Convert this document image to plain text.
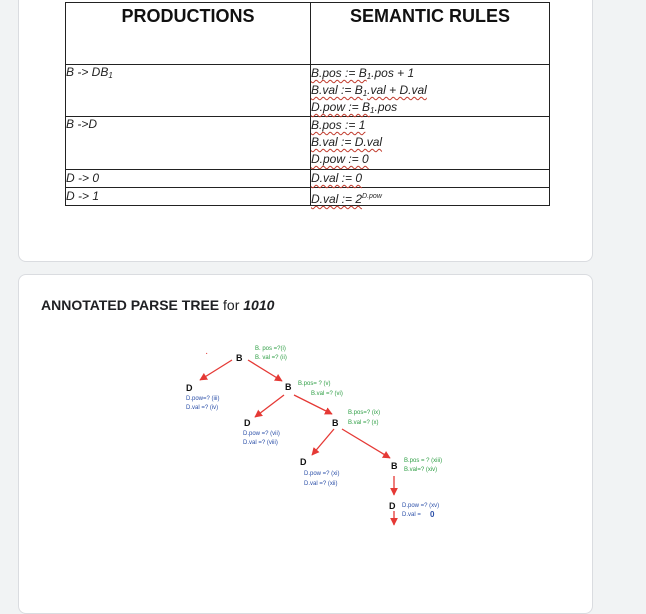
PRODUCTIONS	SEMANTIC RULES
$B -> DB_1$	B.pos := $B_1.pos + 1$
B.val := $B_1.val + D.val$
D.pow := $B_1.pos$

B ->D	B.pos := 1
B.val := D.val
D.pow := 0

D -> 0	D.val := 0

D -> 1	D.val := $2^{D.pow}$
ANNOTATED PARSE TREE for 1010
·	B
D	B
D	B
D	B
D
B. pos =?(i)
B. val =? (ii)
D.pow=? (iii)
D.val =? (iv)
B.pos= ? (v)
B.val =? (vi)
D.pow =? (vii)
D.val =? (viii)
B.pos=? (ix)
B.val =? (x)
D.pow =? (xi)
D.val =? (xii)
B.pos = ? (xiii)
B.val=? (xiv)
D.pow =? (xv)
D.val = 0
